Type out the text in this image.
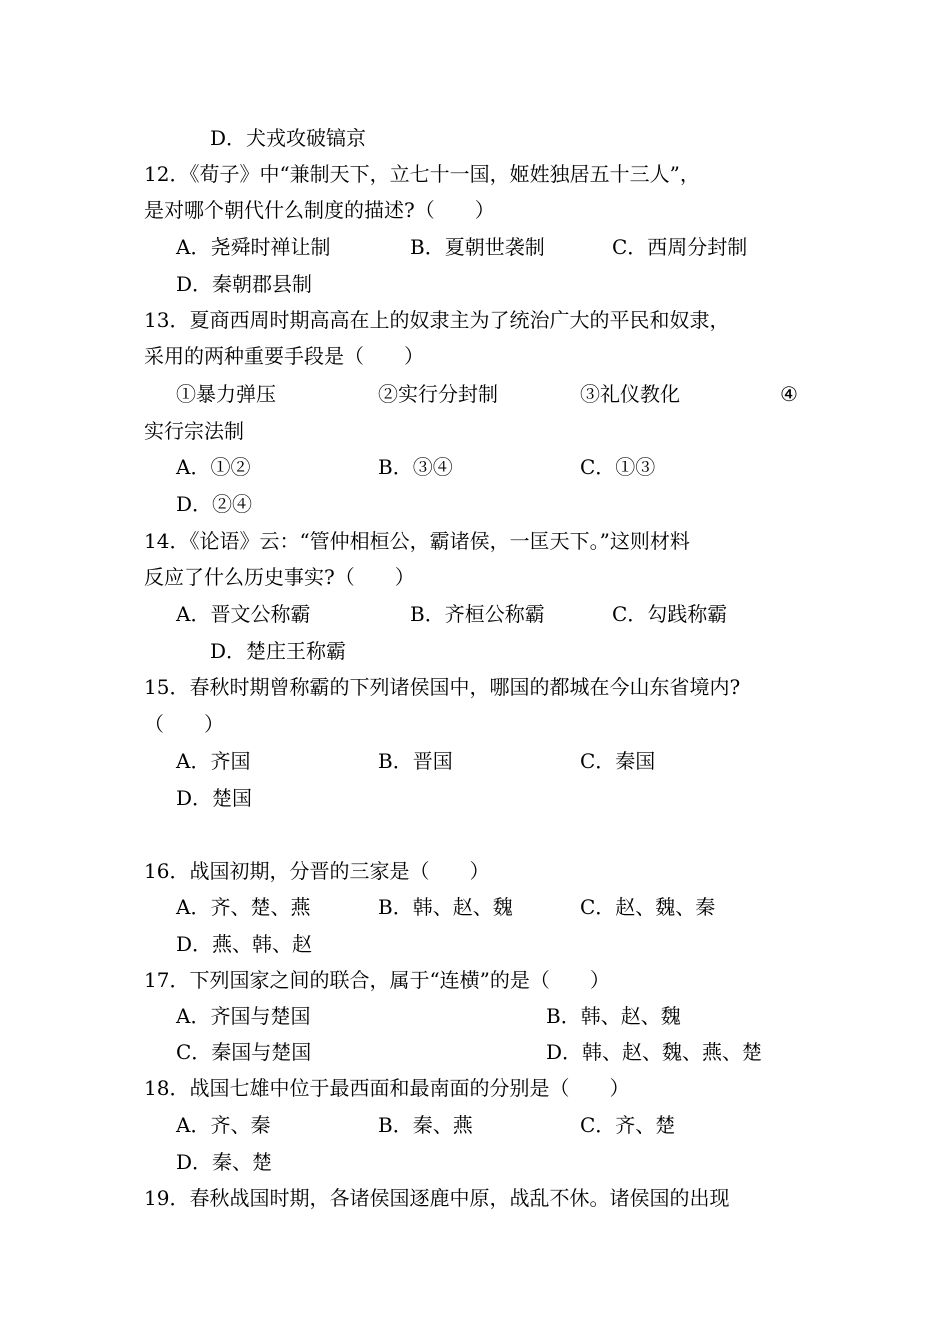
D．犬戎攻破镐京
12．《荀子》中“兼制天下，立七十一国，姬姓独居五十三人”，
是对哪个朝代什么制度的描述?（　　）
A．尧舜时禅让制	B．夏朝世袭制	C．西周分封制
D．秦朝郡县制
13．夏商西周时期高高在上的奴隶主为了统治广大的平民和奴隶，
采用的两种重要手段是（　　）
①暴力弹压	②实行分封制	③礼仪教化	④
实行宗法制
A．①②	B．③④	C．①③
D．②④
14．《论语》云：“管仲相桓公，霸诸侯，一匡天下。”这则材料
反应了什么历史事实?（　　）
A．晋文公称霸	B．齐桓公称霸	C．勾践称霸
D．楚庄王称霸
15．春秋时期曾称霸的下列诸侯国中，哪国的都城在今山东省境内?
（　　）
A．齐国	B．晋国	C．秦国
D．楚国
16．战国初期，分晋的三家是（　　）
A．齐、楚、燕	B．韩、赵、魏	C．赵、魏、秦
D．燕、韩、赵
17．下列国家之间的联合，属于“连横”的是（　　）
A．齐国与楚国	B．韩、赵、魏
C．秦国与楚国	D．韩、赵、魏、燕、楚
18．战国七雄中位于最西面和最南面的分别是（　　）
A．齐、秦	B．秦、燕	C．齐、楚
D．秦、楚
19．春秋战国时期，各诸侯国逐鹿中原，战乱不休。诸侯国的出现
